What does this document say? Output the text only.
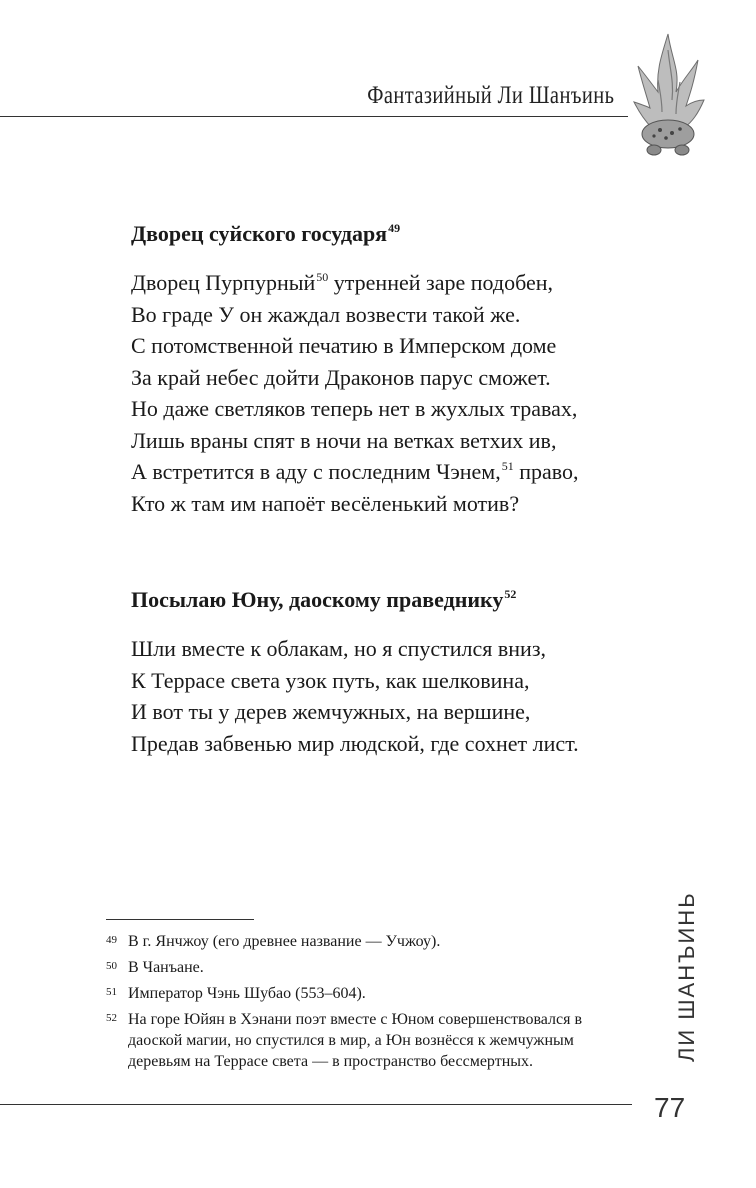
Фантазийный Ли Шанъинь
Дворец суйского государя$^{49}$
Дворец Пурпурный$^{50}$ утренней заре подобен,
Во граде У он жаждал возвести такой же.
С потомственной печатию в Имперском доме
За край небес дойти Драконов парус сможет.
Но даже светляков теперь нет в жухлых травах,
Лишь враны спят в ночи на ветках ветхих ив,
А встретится в аду с последним Чэнем,$^{51}$ право,
Кто ж там им напоёт весёленький мотив?
Посылаю Юну, даоскому праведнику$^{52}$
Шли вместе к облакам, но я спустился вниз,
К Террасе света узок путь, как шелковина,
И вот ты у дерев жемчужных, на вершине,
Предав забвенью мир людской, где сохнет лист.
49 В г. Янчжоу (его древнее название — Учжоу).
50 В Чанъане.
51 Император Чэнь Шубао (553–604).
52 На горе Юйян в Хэнани поэт вместе с Юном совершенствовался в даоской магии, но спустился в мир, а Юн вознёсся к жемчужным деревьям на Террасе света — в пространство бессмертных.	ЛИ ШАНЪИНЬ
77
